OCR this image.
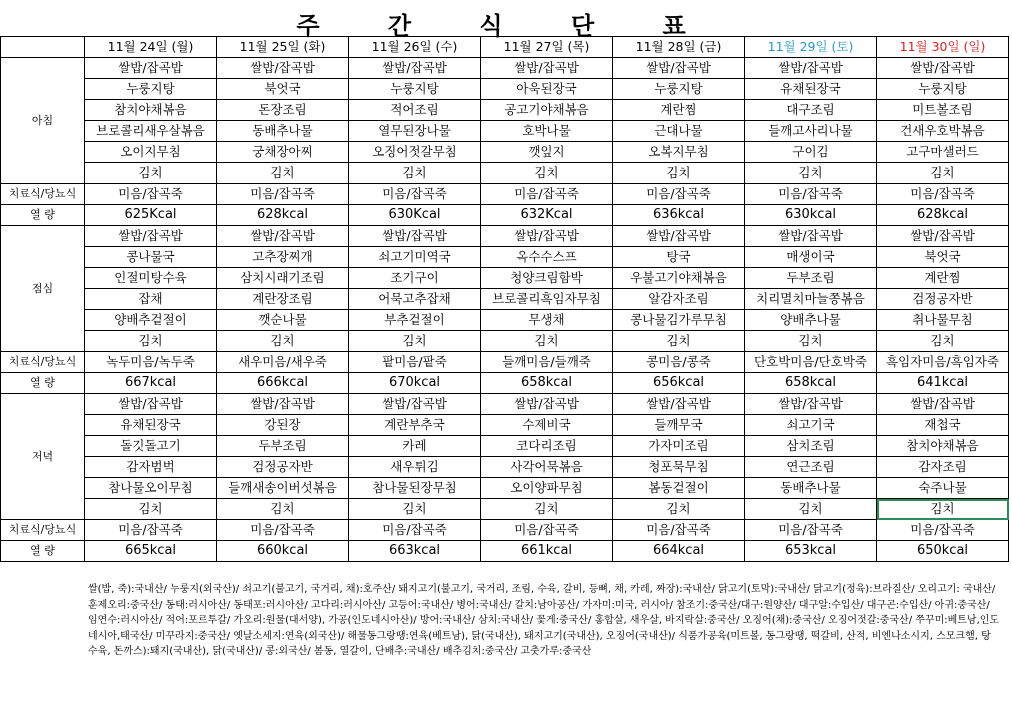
주 간 식 단 표
	11월 24일 (월)	11월 25일 (화)	11월 26일 (수)	11월 27일 (목)	11월 28일 (금)	11월 29일 (토)	11월 30일 (일)
아침	쌀밥/잡곡밥	쌀밥/잡곡밥	쌀밥/잡곡밥	쌀밥/잡곡밥	쌀밥/잡곡밥	쌀밥/잡곡밥	쌀밥/잡곡밥
	누룽지탕	북엇국	누룽지탕	아욱된장국	누룽지탕	유채된장국	누룽지탕
	참치야채볶음	돈장조림	적어조림	공고기야채볶음	계란찜	대구조림	미트볼조림
	브로콜리새우살볶음	동배추나물	열무된장나물	호박나물	근대나물	들깨고사리나물	건새우호박볶음
	오이지무침	궁채장아찌	오징어젓갈무침	깻잎지	오복지무침	구이김	고구마샐러드
	김치	김치	김치	김치	김치	김치	김치
치료식/당뇨식	미음/잡곡죽	미음/잡곡죽	미음/잡곡죽	미음/잡곡죽	미음/잡곡죽	미음/잡곡죽	미음/잡곡죽
열 량	625Kcal	628kcal	630Kcal	632Kcal	636kcal	630kcal	628kcal
점심	쌀밥/잡곡밥	쌀밥/잡곡밥	쌀밥/잡곡밥	쌀밥/잡곡밥	쌀밥/잡곡밥	쌀밥/잡곡밥	쌀밥/잡곡밥
	콩나물국	고추장찌개	쇠고기미역국	옥수수스프	탕국	매생이국	북엇국
	인절미탕수육	삼치시래기조림	조기구이	청양크림함박	우불고기야채볶음	두부조림	계란찜
	잡채	계란장조림	어묵고추잡채	브로콜리흑임자무침	알감자조림	치리멸치마늘쫑볶음	검정공자반
	양배추겉절이	깻순나물	부추겉절이	무생채	콩나물김가루무침	양배추나물	취나물무침
	김치	김치	김치	김치	김치	김치	김치
치료식/당뇨식	녹두미음/녹두죽	새우미음/새우죽	팥미음/팥죽	들깨미음/들깨죽	콩미음/콩죽	단호박미음/단호박죽	흑임자미음/흑임자죽
열 량	667kcal	666kcal	670kcal	658kcal	656kcal	658kcal	641kcal
저녁	쌀밥/잡곡밥	쌀밥/잡곡밥	쌀밥/잡곡밥	쌀밥/잡곡밥	쌀밥/잡곡밥	쌀밥/잡곡밥	쌀밥/잡곡밥
	유채된장국	강된장	계란부추국	수제비국	들깨무국	쇠고기국	재첩국
	돌깃돌고기	두부조림	카레	코다리조림	가자미조림	삼치조림	참치야채볶음
	감자범벅	검정공자반	새우튀김	사각어묵볶음	청포묵무침	연근조림	감자조림
	참나물오이무침	들깨새송이버섯볶음	참나물된장무침	오이양파무침	봄동겉절이	동배추나물	숙주나물
	김치	김치	김치	김치	김치	김치	김치
치료식/당뇨식	미음/잡곡죽	미음/잡곡죽	미음/잡곡죽	미음/잡곡죽	미음/잡곡죽	미음/잡곡죽	미음/잡곡죽
열 량	665kcal	660kcal	663kcal	661kcal	664kcal	653kcal	650kcal
쌀(밥, 죽):국내산/ 누룽지(외국산)/ 쇠고기(불고기, 국거리, 채):호주산/ 돼지고기(불고기, 국거리, 조림, 수육, 갈비, 등뼈, 채, 카레, 짜장):국내산/ 닭고기(토막):국내산/ 닭고기(정육):브라질산/ 오리고기: 국내산/ 훈제오리:중국산/ 동태:러시아산/ 동태포:러시아산/ 고다리:러시아산/ 고등어:국내산/ 병어:국내산/ 갈치:남아공산/ 가자미:미국, 러시아/ 참조기:중국산/대구:원양산/ 대구알:수입산/ 대구곤:수입산/ 아귀:중국산/ 임연수:러시아산/ 적어:포르투갈/ 가오리:원물(대서양), 가공(인도네시아산)/ 방어:국내산/ 삼치:국내산/ 꽃게:중국산/ 홍합살, 새우살, 바지락살:중국산/ 오징어(채):중국산/ 오징어젓갈:중국산/ 쭈꾸미:베트남,인도네시아,태국산/ 미꾸라지:중국산/ 옛날소세지:연육(외국산)/ 해물동그랑땡:연육(베트남), 닭(국내산), 돼지고기(국내산), 오징어(국내산)/ 식품가공육(미트볼, 동그랑땡, 떡갈비, 산적, 비엔나소시지, 스모크햄, 탕수육, 돈까스):돼지(국내산), 닭(국내산)/ 콩:외국산/ 봄동, 열갈이, 단배추:국내산/ 배추김치:중국산/ 고춧가루:중국산
